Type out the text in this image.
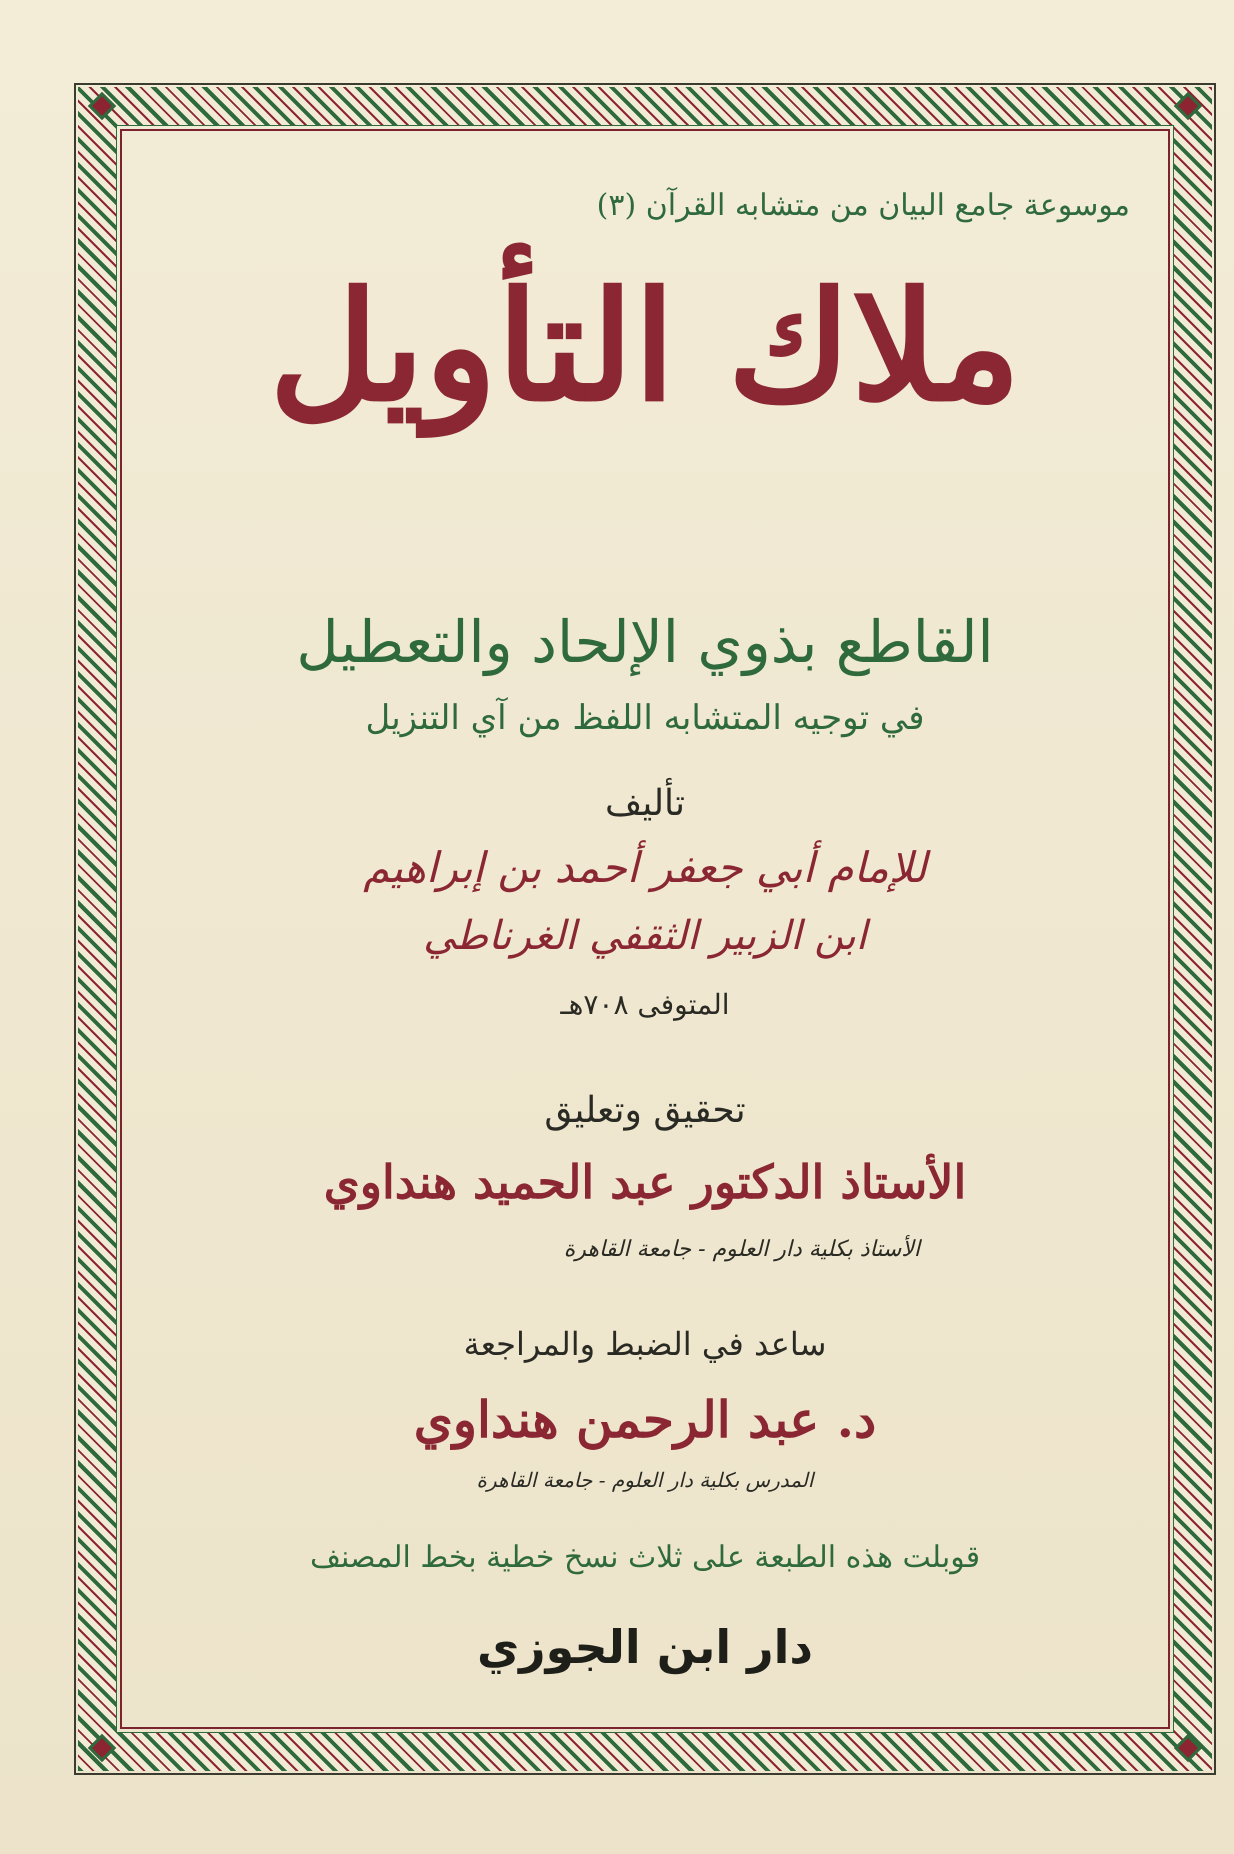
موسوعة جامع البيان من متشابه القرآن (٣)
ملاك التأويل
القاطع بذوي الإلحاد والتعطيل
في توجيه المتشابه اللفظ من آي التنزيل
تأليف
للإمام أبي جعفر أحمد بن إبراهيم
ابن الزبير الثقفي الغرناطي
المتوفى ٧٠٨هـ
تحقيق وتعليق
الأستاذ الدكتور عبد الحميد هنداوي
الأستاذ بكلية دار العلوم - جامعة القاهرة
ساعد في الضبط والمراجعة
د. عبد الرحمن هنداوي
المدرس بكلية دار العلوم - جامعة القاهرة
قوبلت هذه الطبعة على ثلاث نسخ خطية بخط المصنف
دار ابن الجوزي
